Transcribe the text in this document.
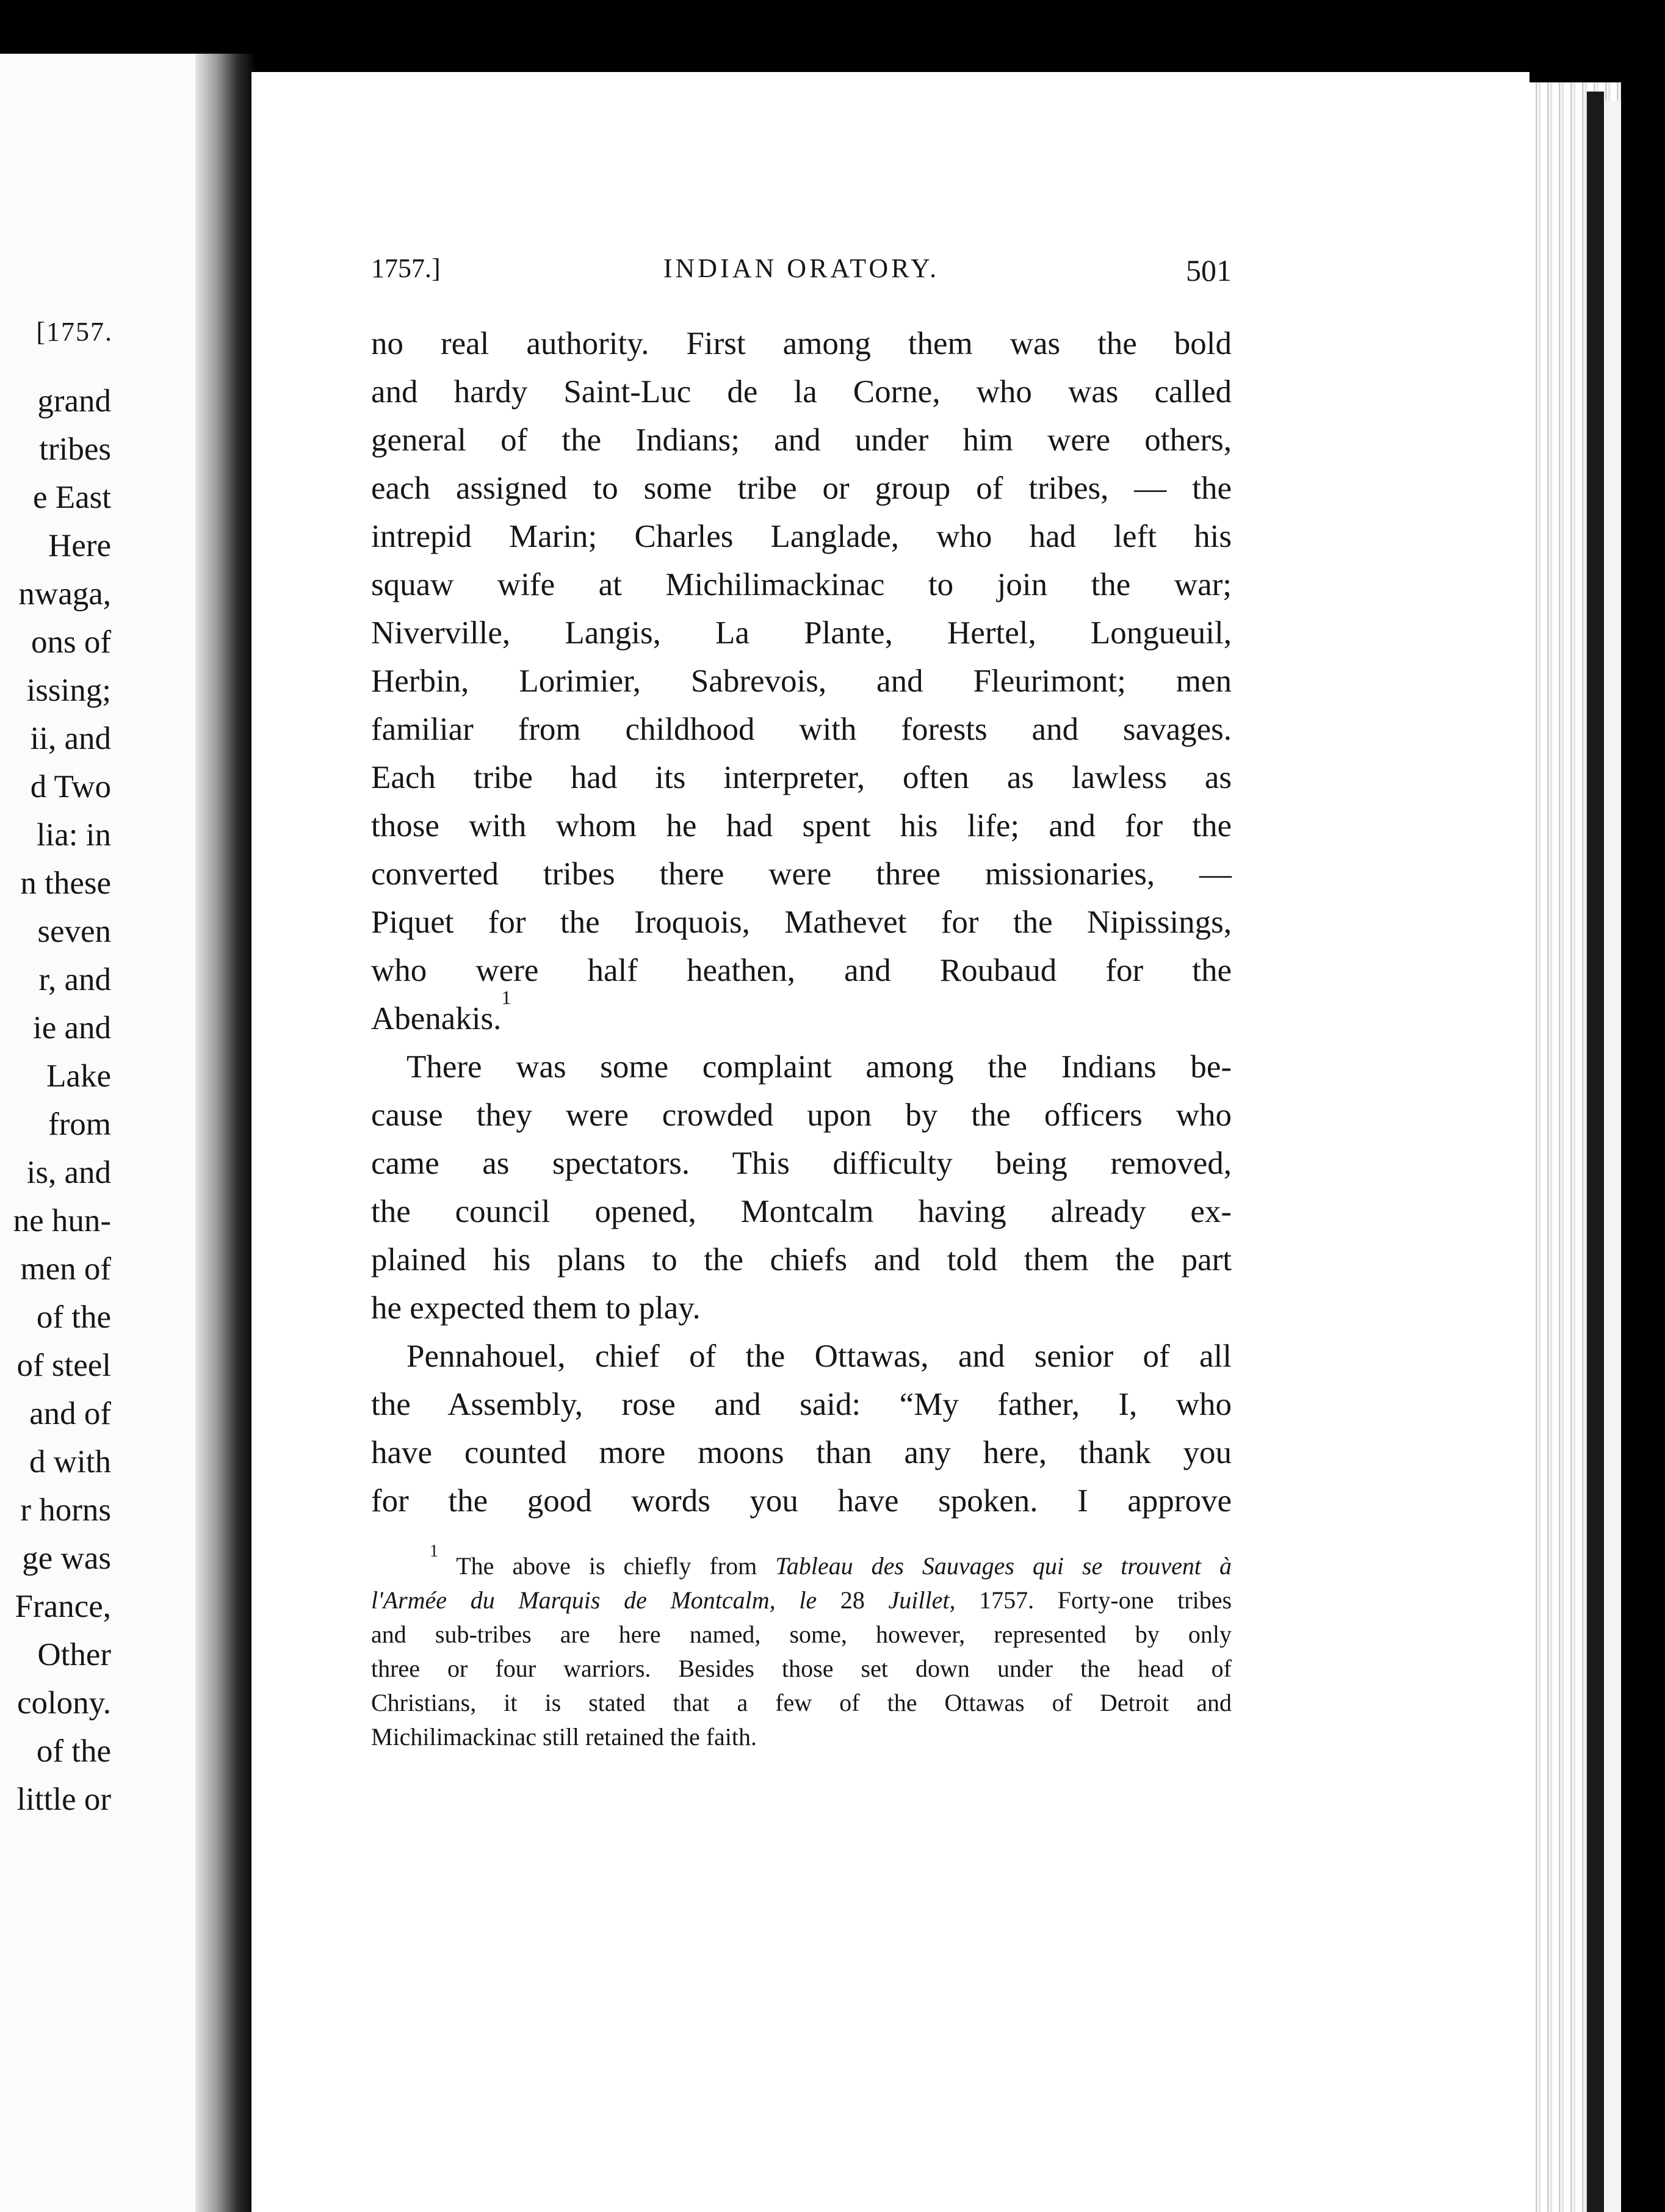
[1757.
grand
tribes
e East
Here
nwaga,
ons of
issing;
ii, and
d Two
lia: in
n these
seven
r, and
ie and
Lake
from
is, and
ne hun-
men of
of the
of steel
and of
d with
r horns
ge was
France,
Other
colony.
of the
little or
1757.]	INDIAN ORATORY.	501
no real authority. First among them was the bold
and hardy Saint-Luc de la Corne, who was called
general of the Indians; and under him were others,
each assigned to some tribe or group of tribes, — the
intrepid Marin; Charles Langlade, who had left his
squaw wife at Michilimackinac to join the war;
Niverville, Langis, La Plante, Hertel, Longueuil,
Herbin, Lorimier, Sabrevois, and Fleurimont; men
familiar from childhood with forests and savages.
Each tribe had its interpreter, often as lawless as
those with whom he had spent his life; and for the
converted tribes there were three missionaries, —
Piquet for the Iroquois, Mathevet for the Nipissings,
who were half heathen, and Roubaud for the
Abenakis.$^1$
There was some complaint among the Indians be-
cause they were crowded upon by the officers who
came as spectators. This difficulty being removed,
the council opened, Montcalm having already ex-
plained his plans to the chiefs and told them the part
he expected them to play.
Pennahouel, chief of the Ottawas, and senior of all
the Assembly, rose and said: “My father, I, who
have counted more moons than any here, thank you
for the good words you have spoken. I approve
$^1$ The above is chiefly from Tableau des Sauvages qui se trouvent à
l'Armée du Marquis de Montcalm, le 28 Juillet, 1757. Forty-one tribes
and sub-tribes are here named, some, however, represented by only
three or four warriors. Besides those set down under the head of
Christians, it is stated that a few of the Ottawas of Detroit and
Michilimackinac still retained the faith.
